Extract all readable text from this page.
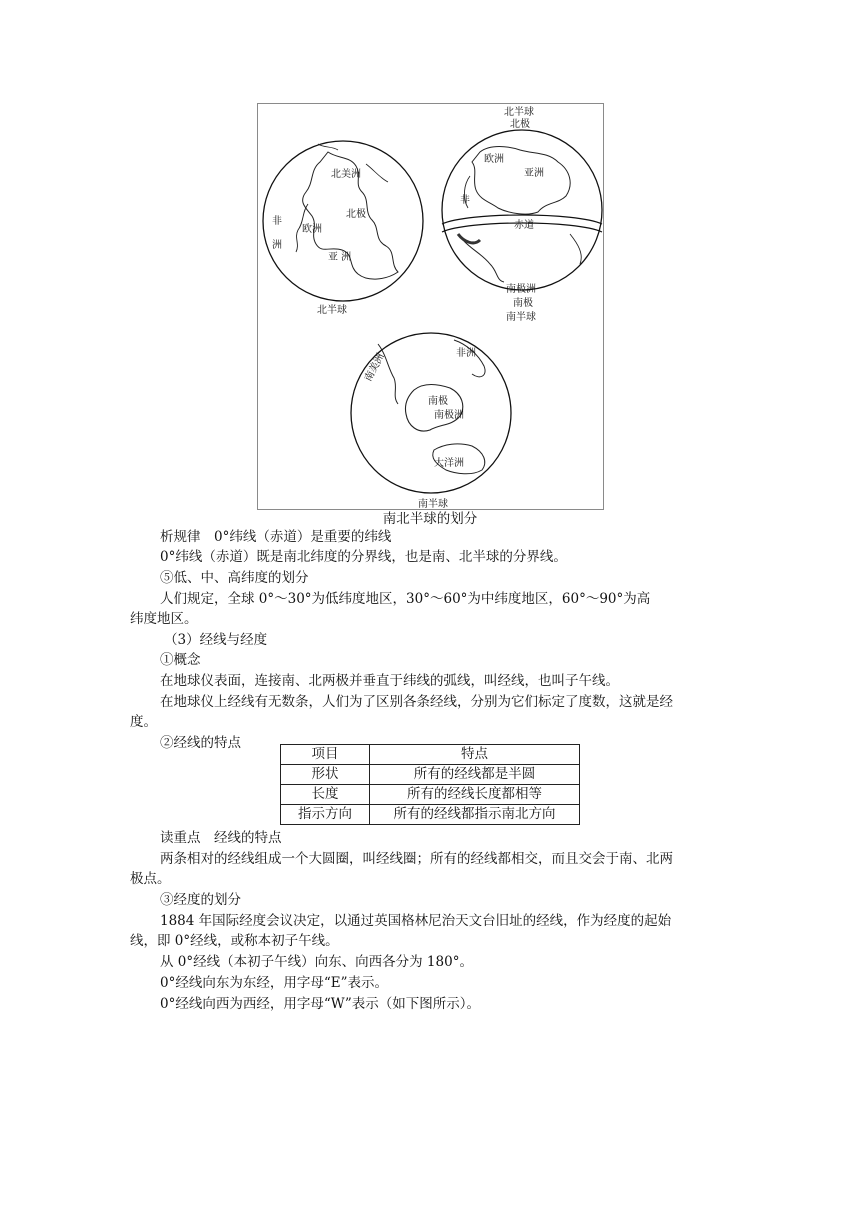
北美洲
北极
非
洲
欧洲
亚 洲
北半球
北半球
北极
欧洲
亚洲
非
赤道
南极洲
南极
南半球
非洲
南美洲
南极
南极洲
大洋洲
南半球
南北半球的划分
析规律　0°纬线（赤道）是重要的纬线
0°纬线（赤道）既是南北纬度的分界线，也是南、北半球的分界线。
⑤低、中、高纬度的划分
人们规定，全球 0°～30°为低纬度地区，30°～60°为中纬度地区，60°～90°为高
纬度地区。
（3）经线与经度
①概念
在地球仪表面，连接南、北两极并垂直于纬线的弧线，叫经线，也叫子午线。
在地球仪上经线有无数条，人们为了区别各条经线，分别为它们标定了度数，这就是经
度。
②经线的特点
读重点　经线的特点
两条相对的经线组成一个大圆圈，叫经线圈；所有的经线都相交，而且交会于南、北两
极点。
③经度的划分
1884 年国际经度会议决定，以通过英国格林尼治天文台旧址的经线，作为经度的起始
线，即 0°经线，或称本初子午线。
从 0°经线（本初子午线）向东、向西各分为 180°。
0°经线向东为东经，用字母“E”表示。
0°经线向西为西经，用字母“W”表示（如下图所示）。
项目	特点
形状	所有的经线都是半圆
长度	所有的经线长度都相等
指示方向	所有的经线都指示南北方向
